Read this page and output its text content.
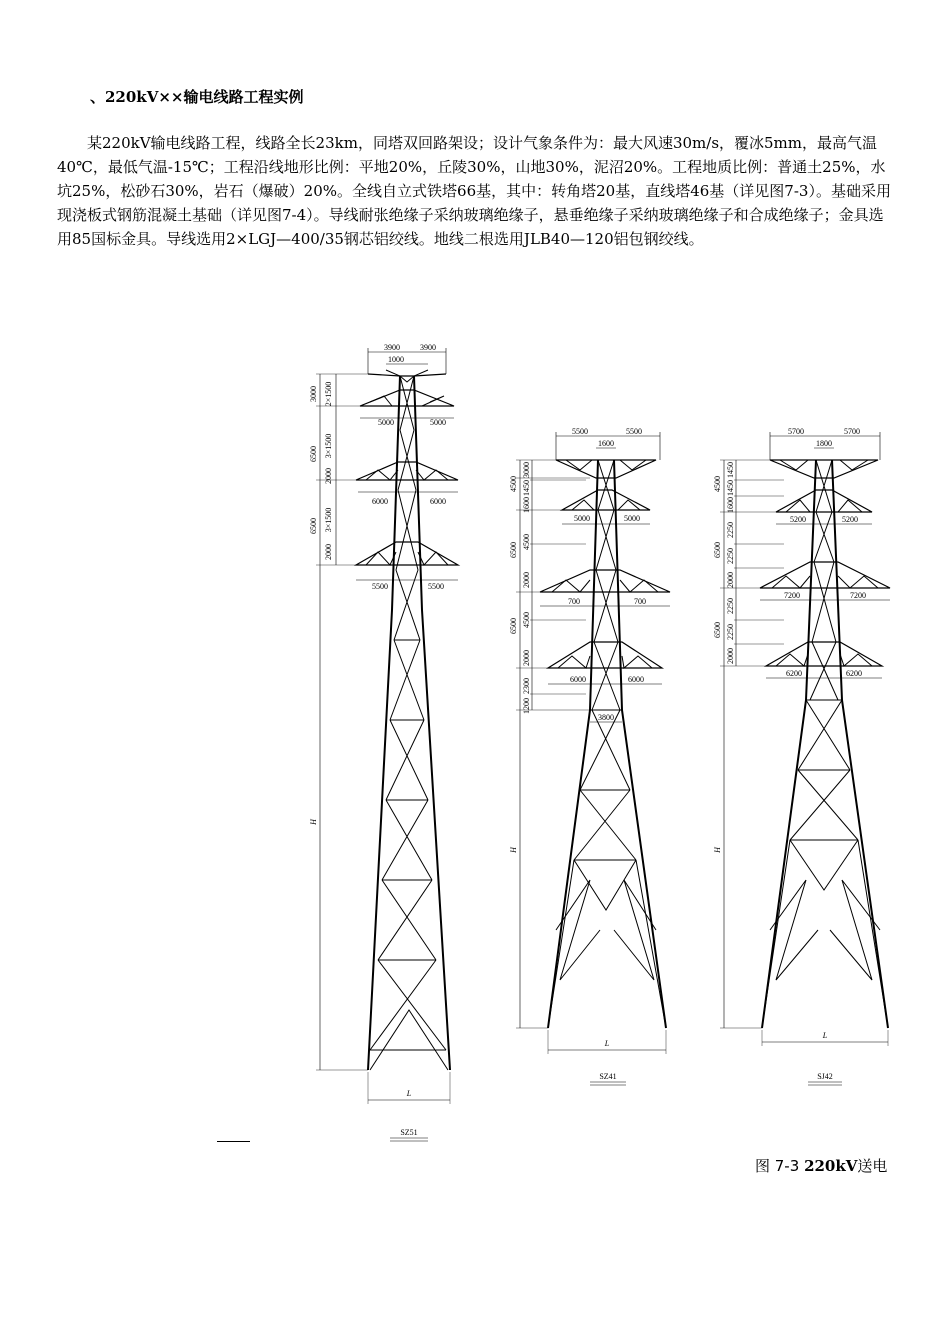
、220kV××输电线路工程实例

某220kV输电线路工程，线路全长23km，同塔双回路架设；设计气象条件为：最大风速30m/s，覆冰5mm，最高气温40℃，最低气温-15℃；工程沿线地形比例：平地20%，丘陵30%，山地30%，泥沼20%。工程地质比例：普通土25%，水坑25%，松砂石30%，岩石（爆破）20%。全线自立式铁塔66基，其中：转角塔20基，直线塔46基（详见图7-3）。基础采用现浇板式钢筋混凝土基础（详见图7-4）。导线耐张绝缘子采纳玻璃绝缘子，悬垂绝缘子采纳玻璃绝缘子和合成绝缘子；金具选用85国标金具。导线选用2×LGJ—400/35钢芯铝绞线。地线二根选用JLB40—120铝包钢绞线。

3900	3900
1000
5000	5000
6000	6000
5500	5500
3000 2×1500
6500 3×1500
2000
6500 3×1500
2000
H
L
SZ51
5500	5500
1600
5000	5000
700	700
6000	6000
3800
4500
3000
1450
1600
4500
6500
2000
4500
6500
2000
2300
1200
H
L
SZ41
5700	5700
1800
5200	5200
7200	7200
6200	6200
4500
1450
1450
1600
2250
6500 2250
2000
2250
6500 2250
2000
H
L
SJ42
图 7-3 220kV送电
